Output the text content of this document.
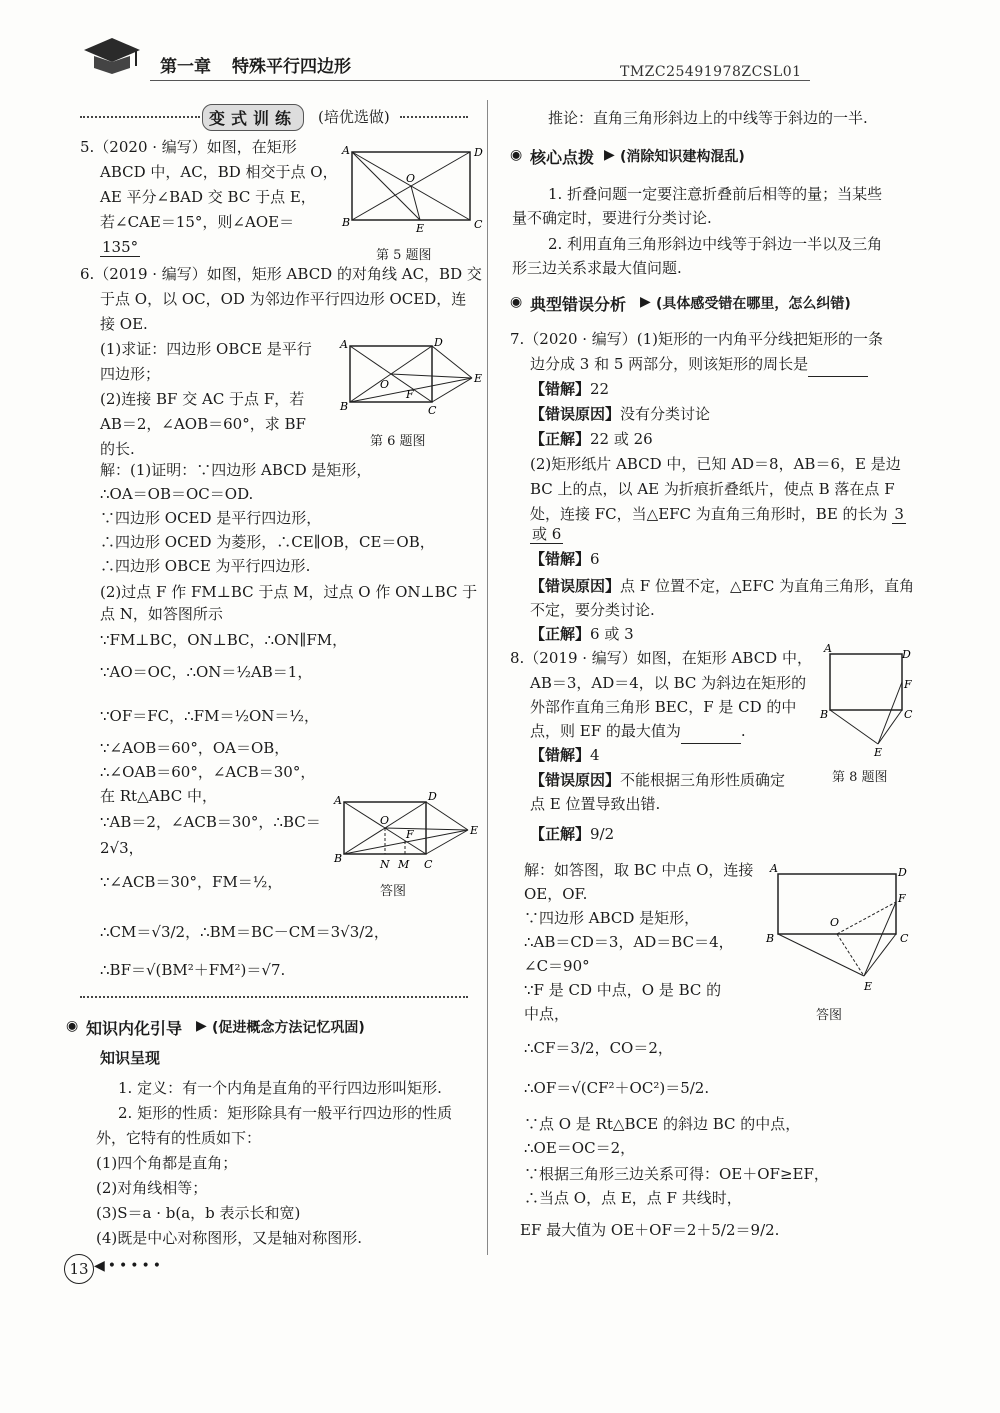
第一章 特殊平行四边形	TMZC25491978ZCSL01
变式训练	(培优选做)
5.（2020 · 编写）如图，在矩形
ABCD 中，AC，BD 相交于点 O，
AE 平分∠BAD 交 BC 于点 E，
若∠CAE＝15°，则∠AOE＝
135°
A	D
B	C
O
E
第 5 题图
6.（2019 · 编写）如图，矩形 ABCD 的对角线 AC，BD 交
于点 O，以 OC，OD 为邻边作平行四边形 OCED，连
接 OE.
(1)求证：四边形 OBCE 是平行
四边形；
(2)连接 BF 交 AC 于点 F，若
AB＝2，∠AOB＝60°，求 BF
的长.
A	D
B	C
O
F
E
第 6 题图
解：(1)证明：∵四边形 ABCD 是矩形，
∴OA＝OB＝OC＝OD.
∵四边形 OCED 是平行四边形，
∴四边形 OCED 为菱形，∴CE∥OB，CE＝OB，
∴四边形 OBCE 为平行四边形.
(2)过点 F 作 FM⊥BC 于点 M，过点 O 作 ON⊥BC 于
点 N，如答图所示
∵FM⊥BC，ON⊥BC，∴ON∥FM，
∵AO＝OC，∴ON＝½AB＝1，
∵OF＝FC，∴FM＝½ON＝½，
∵∠AOB＝60°，OA＝OB，
∴∠OAB＝60°，∠ACB＝30°，
在 Rt△ABC 中，
∵AB＝2，∠ACB＝30°，∴BC＝
2√3，
∵∠ACB＝30°，FM＝½，
∴CM＝√3/2，∴BM＝BC－CM＝3√3/2，
∴BF＝√(BM²＋FM²)＝√7.
A	D
B	C
O
F	E
N M
答图
◉ 知识内化引导 ▶ (促进概念方法记忆巩固)
知识呈现
1. 定义：有一个内角是直角的平行四边形叫矩形.
2. 矩形的性质：矩形除具有一般平行四边形的性质
外，它特有的性质如下：
(1)四个角都是直角；
(2)对角线相等；
(3)S＝a · b(a，b 表示长和宽)
(4)既是中心对称图形，又是轴对称图形.
13 ◀•••••
推论：直角三角形斜边上的中线等于斜边的一半.
◉ 核心点拨 ▶ (消除知识建构混乱)
1. 折叠问题一定要注意折叠前后相等的量；当某些
量不确定时，要进行分类讨论.
2. 利用直角三角形斜边中线等于斜边一半以及三角
形三边关系求最大值问题.
◉ 典型错误分析 ▶ (具体感受错在哪里，怎么纠错)
7.（2020 · 编写）(1)矩形的一内角平分线把矩形的一条
边分成 3 和 5 两部分，则该矩形的周长是
【错解】22
【错误原因】没有分类讨论
【正解】22 或 26
(2)矩形纸片 ABCD 中，已知 AD＝8，AB＝6，E 是边
BC 上的点，以 AE 为折痕折叠纸片，使点 B 落在点 F
处，连接 FC，当△EFC 为直角三角形时，BE 的长为 3
或 6
【错解】6
【错误原因】点 F 位置不定，△EFC 为直角三角形，直角
不定，要分类讨论.
【正解】6 或 3
8.（2019 · 编写）如图，在矩形 ABCD 中，
AB＝3，AD＝4，以 BC 为斜边在矩形的
外部作直角三角形 BEC，F 是 CD 的中
点，则 EF 的最大值为	.
【错解】4
【错误原因】不能根据三角形性质确定
点 E 位置导致出错.
【正解】9/2
A	D
B	C
F
E
第 8 题图
解：如答图，取 BC 中点 O，连接
OE，OF.
∵四边形 ABCD 是矩形，
∴AB＝CD＝3，AD＝BC＝4，
∠C＝90°
∵F 是 CD 中点，O 是 BC 的
中点，
∴CF＝3/2，CO＝2，
∴OF＝√(CF²＋OC²)＝5/2.
∵点 O 是 Rt△BCE 的斜边 BC 的中点，
∴OE＝OC＝2，
∵根据三角形三边关系可得：OE＋OF≥EF，
∴当点 O，点 E，点 F 共线时，
EF 最大值为 OE＋OF＝2＋5/2＝9/2.
A	D
B	C
F
O
E
答图
